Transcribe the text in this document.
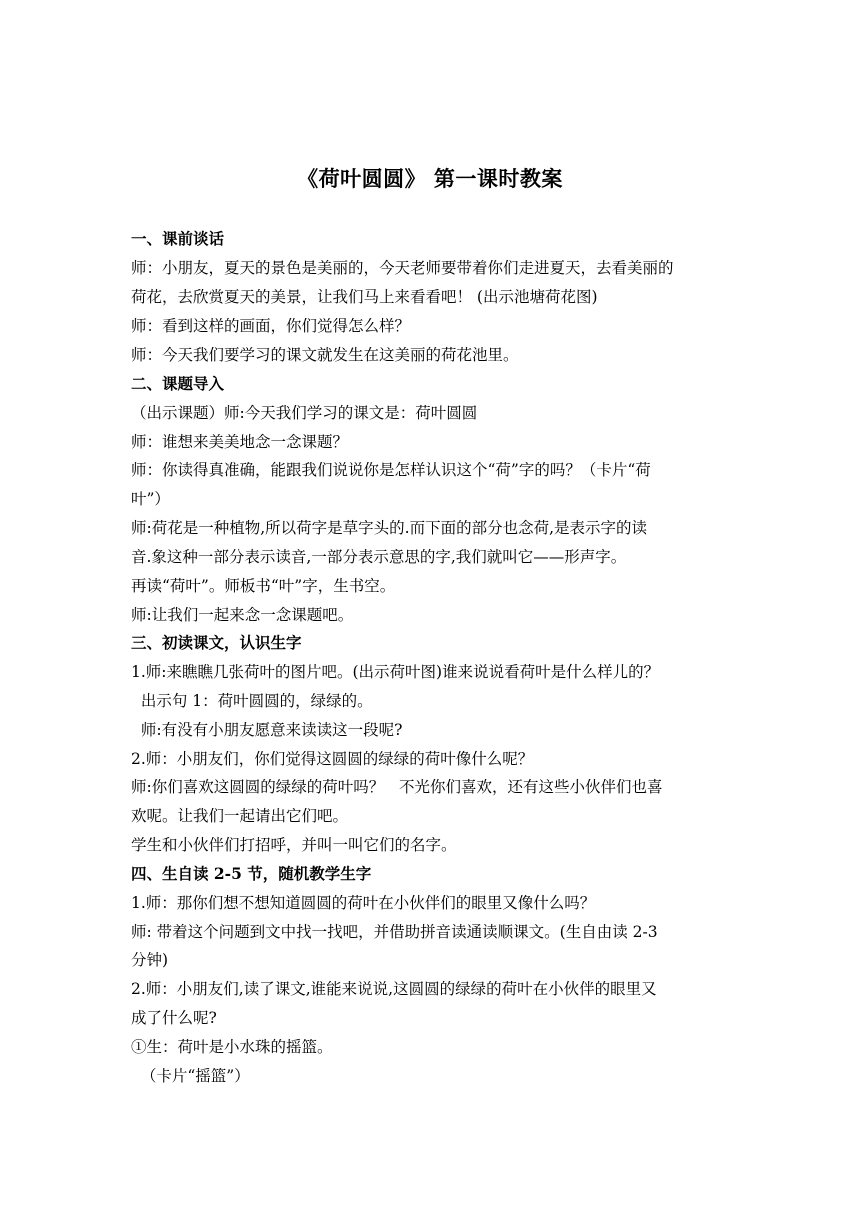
《荷叶圆圆》 第一课时教案
一、课前谈话
师：小朋友，夏天的景色是美丽的，今天老师要带着你们走进夏天，去看美丽的
荷花，去欣赏夏天的美景，让我们马上来看看吧！ (出示池塘荷花图)
师：看到这样的画面，你们觉得怎么样？
师：今天我们要学习的课文就发生在这美丽的荷花池里。
二、课题导入
（出示课题）师:今天我们学习的课文是：荷叶圆圆
师：谁想来美美地念一念课题？
师：你读得真准确，能跟我们说说你是怎样认识这个“荷”字的吗？（卡片“荷
叶”）
师:荷花是一种植物,所以荷字是草字头的.而下面的部分也念荷,是表示字的读
音.象这种一部分表示读音,一部分表示意思的字,我们就叫它——形声字。
再读“荷叶”。师板书“叶”字，生书空。
师:让我们一起来念一念课题吧。
三、初读课文，认识生字
1.师:来瞧瞧几张荷叶的图片吧。(出示荷叶图)谁来说说看荷叶是什么样儿的？
出示句 1：荷叶圆圆的，绿绿的。
师:有没有小朋友愿意来读读这一段呢?
2.师：小朋友们，你们觉得这圆圆的绿绿的荷叶像什么呢？
师:你们喜欢这圆圆的绿绿的荷叶吗？   不光你们喜欢，还有这些小伙伴们也喜
欢呢。让我们一起请出它们吧。
学生和小伙伴们打招呼，并叫一叫它们的名字。
四、生自读 2-5 节，随机教学生字
1.师：那你们想不想知道圆圆的荷叶在小伙伴们的眼里又像什么吗？
师: 带着这个问题到文中找一找吧，并借助拼音读通读顺课文。(生自由读 2-3
分钟)
2.师：小朋友们,读了课文,谁能来说说,这圆圆的绿绿的荷叶在小伙伴的眼里又
成了什么呢?
①生：荷叶是小水珠的摇篮。
（卡片“摇篮”）
